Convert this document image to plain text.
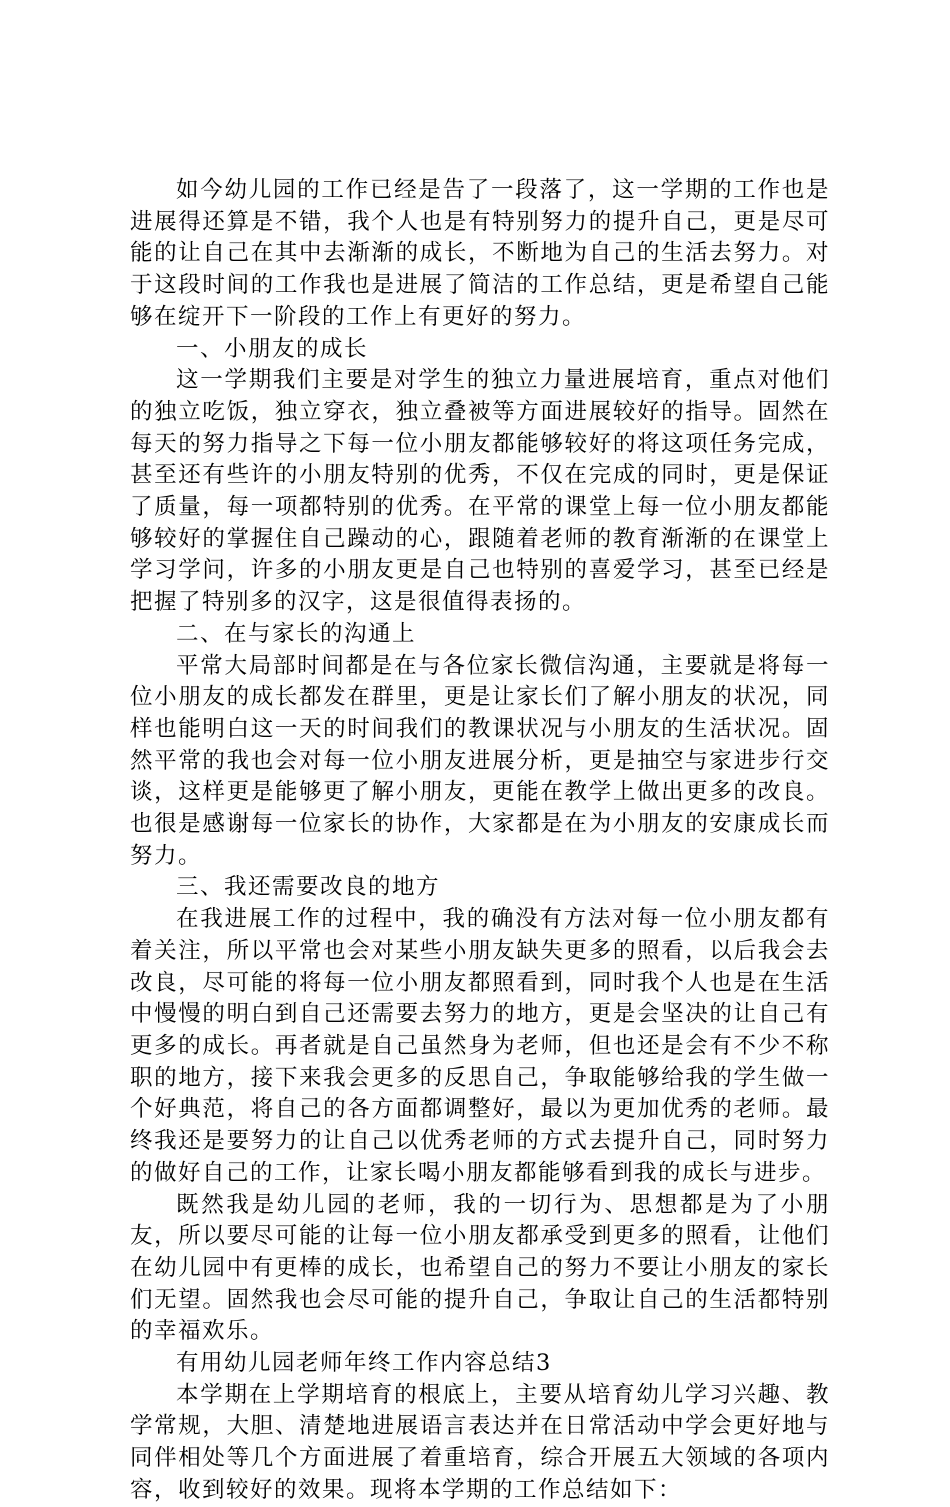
如今幼儿园的工作已经是告了一段落了，这一学期的工作也是进展得还算是不错，我个人也是有特别努力的提升自己，更是尽可能的让自己在其中去渐渐的成长，不断地为自己的生活去努力。对于这段时间的工作我也是进展了简洁的工作总结，更是希望自己能够在绽开下一阶段的工作上有更好的努力。

一、小朋友的成长

这一学期我们主要是对学生的独立力量进展培育，重点对他们的独立吃饭，独立穿衣，独立叠被等方面进展较好的指导。固然在每天的努力指导之下每一位小朋友都能够较好的将这项任务完成，甚至还有些许的小朋友特别的优秀，不仅在完成的同时，更是保证了质量，每一项都特别的优秀。在平常的课堂上每一位小朋友都能够较好的掌握住自己躁动的心，跟随着老师的教育渐渐的在课堂上学习学问，许多的小朋友更是自己也特别的喜爱学习，甚至已经是把握了特别多的汉字，这是很值得表扬的。

二、在与家长的沟通上

平常大局部时间都是在与各位家长微信沟通，主要就是将每一位小朋友的成长都发在群里，更是让家长们了解小朋友的状况，同样也能明白这一天的时间我们的教课状况与小朋友的生活状况。固然平常的我也会对每一位小朋友进展分析，更是抽空与家进步行交谈，这样更是能够更了解小朋友，更能在教学上做出更多的改良。也很是感谢每一位家长的协作，大家都是在为小朋友的安康成长而努力。

三、我还需要改良的地方

在我进展工作的过程中，我的确没有方法对每一位小朋友都有着关注，所以平常也会对某些小朋友缺失更多的照看，以后我会去改良，尽可能的将每一位小朋友都照看到，同时我个人也是在生活中慢慢的明白到自己还需要去努力的地方，更是会坚决的让自己有更多的成长。再者就是自己虽然身为老师，但也还是会有不少不称职的地方，接下来我会更多的反思自己，争取能够给我的学生做一个好典范，将自己的各方面都调整好，最以为更加优秀的老师。最终我还是要努力的让自己以优秀老师的方式去提升自己，同时努力的做好自己的工作，让家长喝小朋友都能够看到我的成长与进步。

既然我是幼儿园的老师，我的一切行为、思想都是为了小朋友，所以要尽可能的让每一位小朋友都承受到更多的照看，让他们在幼儿园中有更棒的成长，也希望自己的努力不要让小朋友的家长们无望。固然我也会尽可能的提升自己，争取让自己的生活都特别的幸福欢乐。

有用幼儿园老师年终工作内容总结3

本学期在上学期培育的根底上，主要从培育幼儿学习兴趣、教学常规，大胆、清楚地进展语言表达并在日常活动中学会更好地与同伴相处等几个方面进展了着重培育，综合开展五大领域的各项内容，收到较好的效果。现将本学期的工作总结如下：
